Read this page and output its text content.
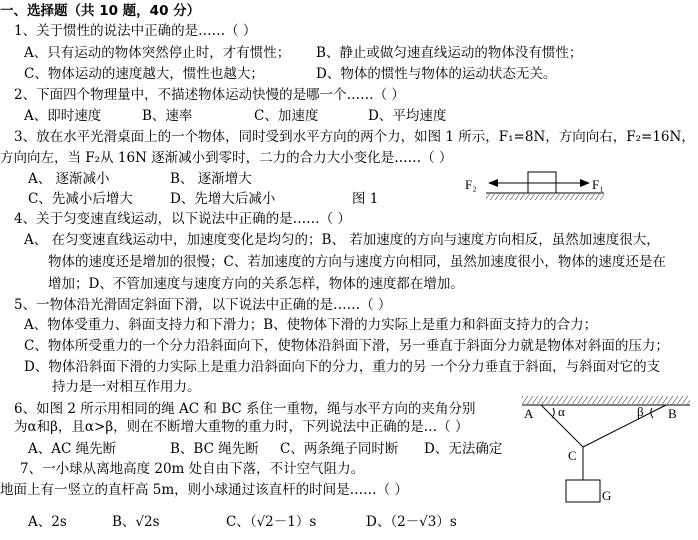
一、选择题（共 10 题，40 分）
1、关于惯性的说法中正确的是……（ ）
A、只有运动的物体突然停止时，才有惯性； B、静止或做匀速直线运动的物体没有惯性；
C、物体运动的速度越大，惯性也越大；	D、物体的惯性与物体的运动状态无关。
2、下面四个物理量中，不描述物体运动快慢的是哪一个……（ ）
A、即时速度	B、速率	C、加速度	D、平均速度
3、放在水平光滑桌面上的一个物体，同时受到水平方向的两个力，如图 1 所示，F₁=8N，方向向右，F₂=16N，
方向向左，当 F₂从 16N 逐渐减小到零时，二力的合力大小变化是……（ ）
A、 逐渐减小	B、 逐渐增大
C、先减小后增大	D、先增大后减小	图 1
F₂	F₁
4、关于匀变速直线运动，以下说法中正确的是……（ ）
A、 在匀变速直线运动中，加速度变化是均匀的；B、 若加速度的方向与速度方向相反，虽然加速度很大，
物体的速度还是增加的很慢；C、若加速度的方向与速度方向相同，虽然加速度很小，物体的速度还是在
增加；D、不管加速度与速度方向的关系怎样，物体的速度都在增加。
5、一物体沿光滑固定斜面下滑，以下说法中正确的是……（ ）
A、物体受重力、斜面支持力和下滑力；B、使物体下滑的力实际上是重力和斜面支持力的合力；
C、物体所受重力的一个分力沿斜面向下，使物体沿斜面下滑，另一垂直于斜面分力就是物体对斜面的压力；
D、物体沿斜面下滑的力实际上是重力沿斜面向下的分力，重力的另 一个分力垂直于斜面，与斜面对它的支
持力是一对相互作用力。
6、如图 2 所示用相同的绳 AC 和 BC 系住一重物，绳与水平方向的夹角分别
为α和β，且α>β，则在不断增大重物的重力时，下列说法中正确的是…（ ）
A、AC 绳先断	B、BC 绳先断 C、两条绳子同时断 D、无法确定
A α	β B
C
G
7、一小球从离地高度 20m 处自由下落，不计空气阻力。
地面上有一竖立的直杆高 5m，则小球通过该直杆的时间是……（ ）
A、2s	B、√2s	C、（√2－1）s	D、（2－√3）s
